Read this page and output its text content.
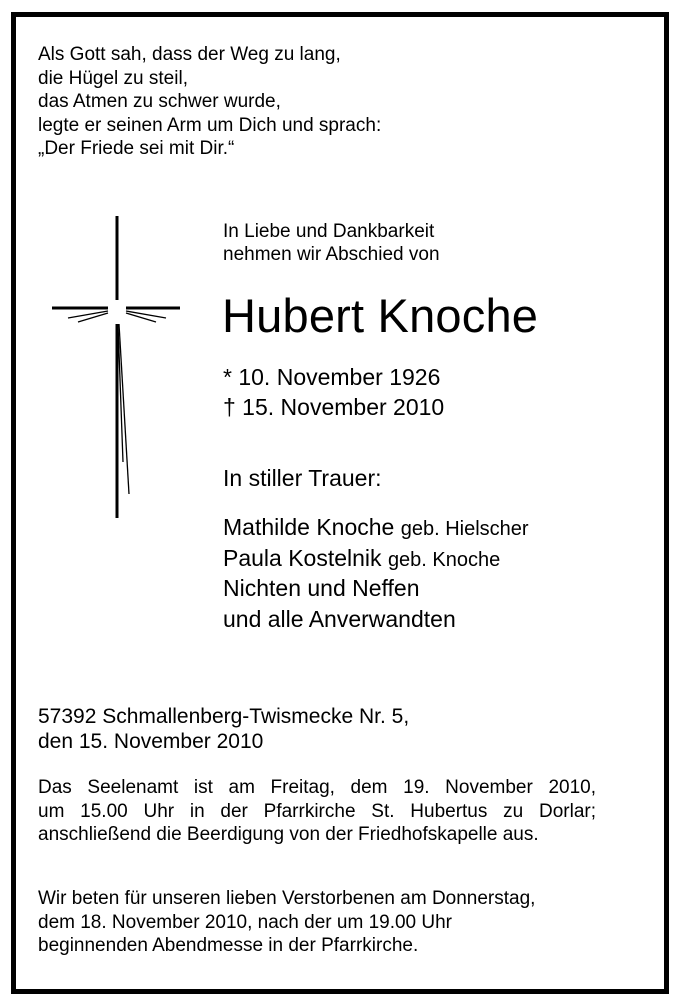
Als Gott sah, dass der Weg zu lang,
die Hügel zu steil,
das Atmen zu schwer wurde,
legte er seinen Arm um Dich und sprach:
„Der Friede sei mit Dir.“
In Liebe und Dankbarkeit
nehmen wir Abschied von
Hubert Knoche
* 10. November 1926
† 15. November 2010
In stiller Trauer:
Mathilde Knoche geb. Hielscher
Paula Kostelnik geb. Knoche
Nichten und Neffen
und alle Anverwandten
57392 Schmallenberg-Twismecke Nr. 5,
den 15. November 2010
Das Seelenamt ist am Freitag, dem 19. November 2010,
um 15.00 Uhr in der Pfarrkirche St. Hubertus zu Dorlar;
anschließend die Beerdigung von der Friedhofskapelle aus.
Wir beten für unseren lieben Verstorbenen am Donnerstag,
dem 18. November 2010, nach der um 19.00 Uhr
beginnenden Abendmesse in der Pfarrkirche.
